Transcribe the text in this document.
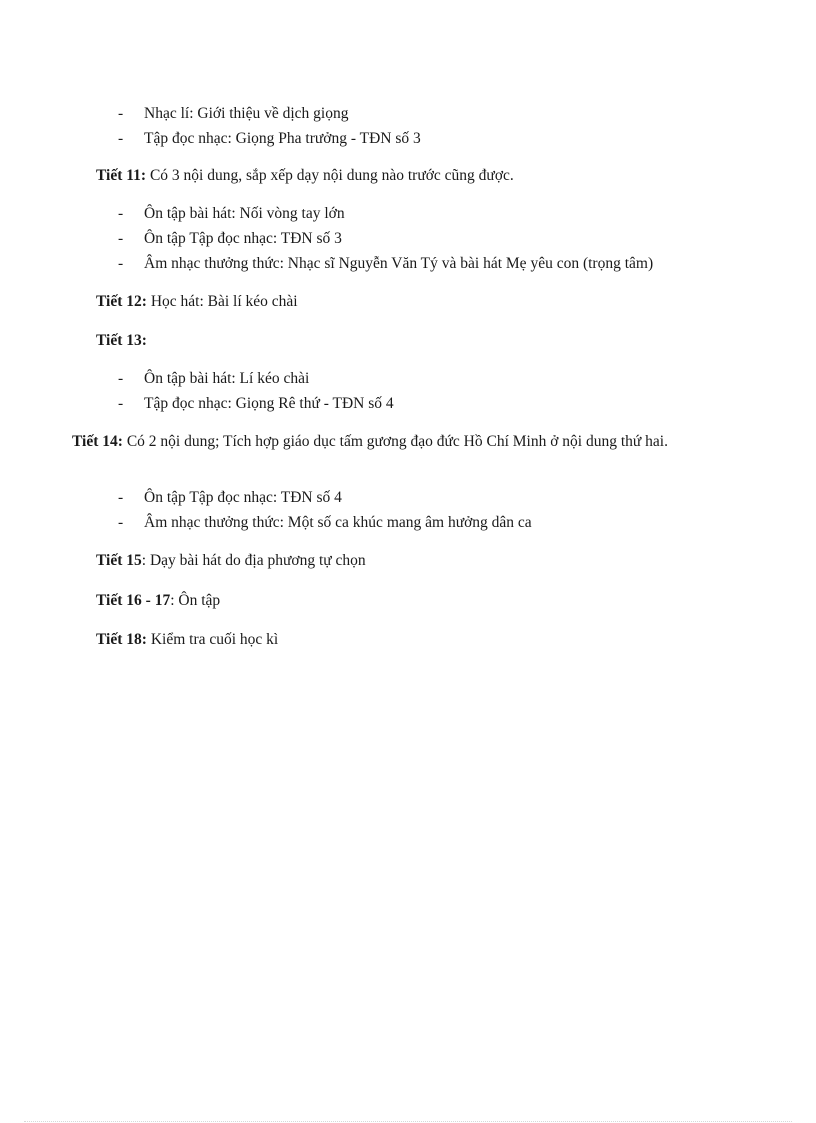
- Nhạc lí: Giới thiệu về dịch giọng
- Tập đọc nhạc: Giọng Pha trưởng - TĐN số 3
Tiết 11: Có 3 nội dung, sắp xếp dạy nội dung nào trước cũng được.
- Ôn tập bài hát: Nối vòng tay lớn
- Ôn tập Tập đọc nhạc: TĐN số 3
- Âm nhạc thưởng thức: Nhạc sĩ Nguyễn Văn Tý và bài hát Mẹ yêu con (trọng tâm)
Tiết 12: Học hát: Bài lí kéo chài
Tiết 13:
- Ôn tập bài hát: Lí kéo chài
- Tập đọc nhạc: Giọng Rê thứ - TĐN số 4
Tiết 14: Có 2 nội dung; Tích hợp giáo dục tấm gương đạo đức Hồ Chí Minh ở nội dung thứ hai.
- Ôn tập Tập đọc nhạc: TĐN số 4
- Âm nhạc thưởng thức: Một số ca khúc mang âm hưởng dân ca
Tiết 15: Dạy bài hát do địa phương tự chọn
Tiết 16 - 17: Ôn tập
Tiết 18: Kiểm tra cuối học kì
